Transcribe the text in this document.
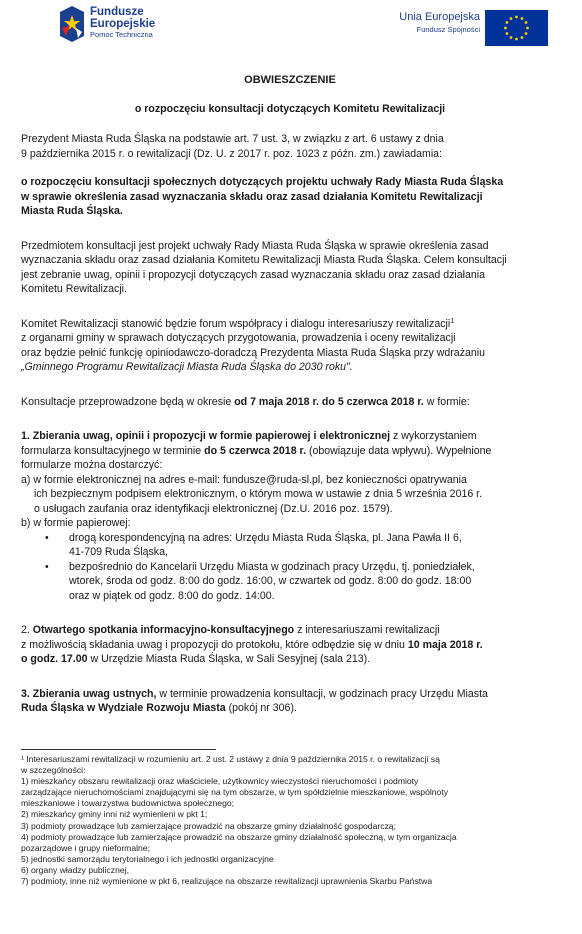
Fundusze
Europejskie
Pomoc Techniczna
Unia Europejska
Fundusz Spójności
OBWIESZCZENIE
o rozpoczęciu konsultacji dotyczących Komitetu Rewitalizacji

Prezydent Miasta Ruda Śląska na podstawie art. 7 ust. 3, w związku z art. 6 ustawy z dnia
9 października 2015 r. o rewitalizacji (Dz. U. z 2017 r. poz. 1023 z późn. zm.) zawiadamia:

o rozpoczęciu konsultacji społecznych dotyczących projektu uchwały Rady Miasta Ruda Śląska
w sprawie określenia zasad wyznaczania składu oraz zasad działania Komitetu Rewitalizacji
Miasta Ruda Śląska.

Przedmiotem konsultacji jest projekt uchwały Rady Miasta Ruda Śląska w sprawie określenia zasad
wyznaczania składu oraz zasad działania Komitetu Rewitalizacji Miasta Ruda Śląska. Celem konsultacji
jest zebranie uwag, opinii i propozycji dotyczących zasad wyznaczania składu oraz zasad działania
Komitetu Rewitalizacji.

Komitet Rewitalizacji stanowić będzie forum współpracy i dialogu interesariuszy rewitalizacji$^1$
z organami gminy w sprawach dotyczących przygotowania, prowadzenia i oceny rewitalizacji
oraz będzie pełnić funkcję opiniodawczo-doradczą Prezydenta Miasta Ruda Śląska przy wdrażaniu
„Gminnego Programu Rewitalizacji Miasta Ruda Śląska do 2030 roku".

Konsultacje przeprowadzone będą w okresie od 7 maja 2018 r. do 5 czerwca 2018 r. w formie:

1. Zbierania uwag, opinii i propozycji w formie papierowej i elektronicznej z wykorzystaniem
formularza konsultacyjnego w terminie do 5 czerwca 2018 r. (obowiązuje data wpływu). Wypełnione
formularze można dostarczyć:
a) w formie elektronicznej na adres e-mail: fundusze@ruda-sl.pl, bez konieczności opatrywania
ich bezpiecznym podpisem elektronicznym, o którym mowa w ustawie z dnia 5 września 2016 r.
o usługach zaufania oraz identyfikacji elektronicznej (Dz.U. 2016 poz. 1579).
b) w formie papierowej:
• drogą korespondencyjną na adres: Urzędu Miasta Ruda Śląska, pl. Jana Pawła II 6,
41-709 Ruda Śląska,
• bezpośrednio do Kancelarii Urzędu Miasta w godzinach pracy Urzędu, tj. poniedziałek,
wtorek, środa od godz. 8:00 do godz. 16:00, w czwartek od godz. 8:00 do godz. 18:00
oraz w piątek od godz. 8:00 do godz. 14:00.

2. Otwartego spotkania informacyjno-konsultacyjnego z interesariuszami rewitalizacji
z możliwością składania uwag i propozycji do protokołu, które odbędzie się w dniu 10 maja 2018 r.
o godz. 17.00 w Urzędzie Miasta Ruda Śląska, w Sali Sesyjnej (sala 213).

3. Zbierania uwag ustnych, w terminie prowadzenia konsultacji, w godzinach pracy Urzędu Miasta
Ruda Śląska w Wydziale Rozwoju Miasta (pokój nr 306).

¹ Interesariuszami rewitalizacji w rozumieniu art. 2 ust. 2 ustawy z dnia 9 października 2015 r. o rewitalizacji są
w szczególności:
1) mieszkańcy obszaru rewitalizacji oraz właściciele, użytkownicy wieczystości nieruchomości i podmioty
zarządzające nieruchomościami znajdującymi się na tym obszarze, w tym spółdzielnie mieszkaniowe, wspólnoty
mieszkaniowe i towarzystwa budownictwa społecznego;
2) mieszkańcy gminy inni niż wymienieni w pkt 1;
3) podmioty prowadzące lub zamierzające prowadzić na obszarze gminy działalność gospodarczą;
4) podmioty prowadzące lub zamierzające prowadzić na obszarze gminy działalność społeczną, w tym organizacja
pozarządowe i grupy nieformalne;
5) jednostki samorządu terytorialnego i ich jednostki organizacyjne
6) organy władzy publicznej,
7) podmioty, inne niż wymienione w pkt 6, realizujące na obszarze rewitalizacji uprawnienia Skarbu Państwa
